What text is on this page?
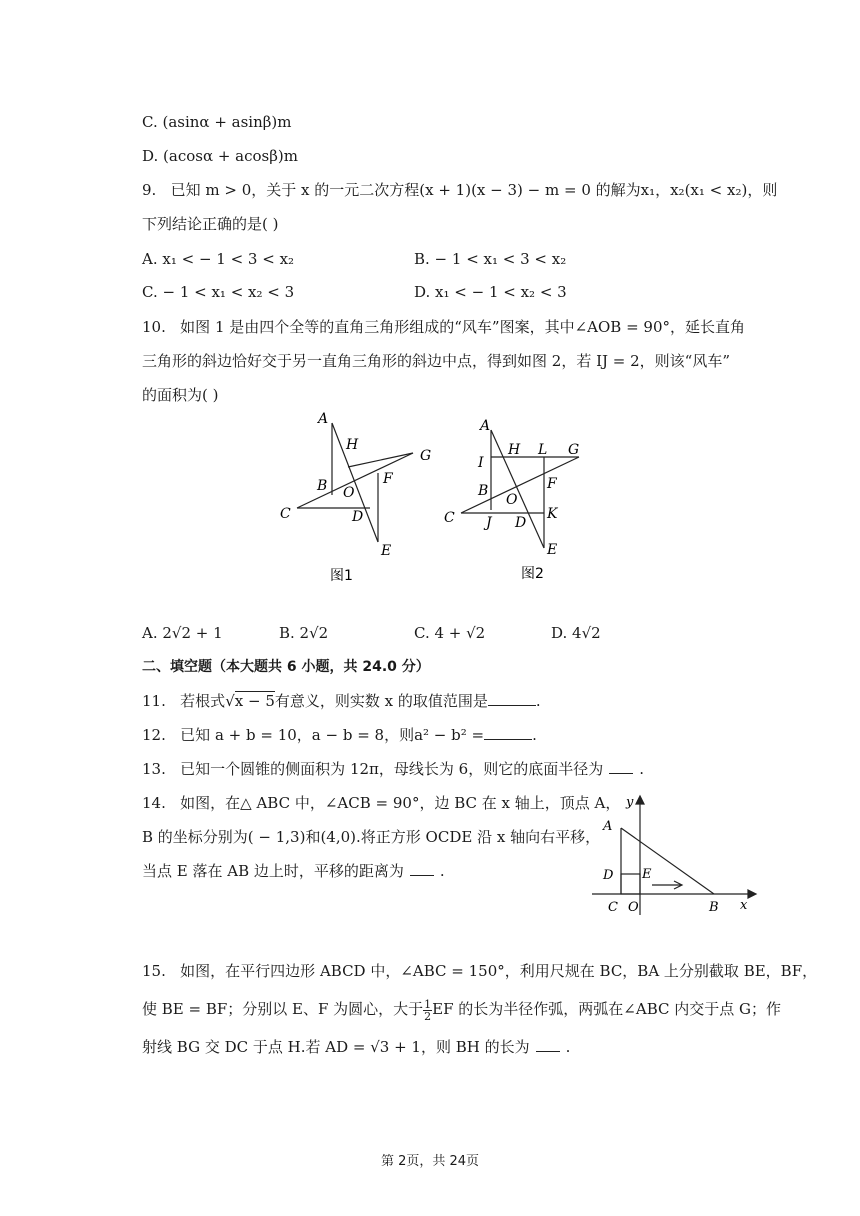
C. (asinα + asinβ)m
D. (acosα + acosβ)m
9. 已知 m > 0，关于 x 的一元二次方程(x + 1)(x − 3) − m = 0 的解为x₁，x₂(x₁ < x₂)，则
下列结论正确的是( )
A. x₁ < − 1 < 3 < x₂	B. − 1 < x₁ < 3 < x₂
C. − 1 < x₁ < x₂ < 3	D. x₁ < − 1 < x₂ < 3
10. 如图 1 是由四个全等的直角三角形组成的“风车”图案，其中∠AOB = 90°，延长直角
三角形的斜边恰好交于另一直角三角形的斜边中点，得到如图 2，若 IJ = 2，则该“风车”
的面积为( )
A
H
G
B O
F
C	D
E
图1
A
H L G
I
B
O
F
C J D
K
E
图2
A. 2√2 + 1	B. 2√2	C. 4 + √2	D. 4√2
二、填空题（本大题共 6 小题，共 24.0 分）
11. 若根式√x − 5有意义，则实数 x 的取值范围是	.
12. 已知 a + b = 10，a − b = 8，则a² − b² =	.
13. 已知一个圆锥的侧面积为 12π，母线长为 6，则它的底面半径为 .
14. 如图，在△ ABC 中，∠ACB = 90°，边 BC 在 x 轴上，顶点 A，
B 的坐标分别为( − 1,3)和(4,0).将正方形 OCDE 沿 x 轴向右平移，
当点 E 落在 AB 边上时，平移的距离为 .
y
A
D E
C O	B x
15. 如图，在平行四边形 ABCD 中，∠ABC = 150°，利用尺规在 BC，BA 上分别截取 BE，BF，
使 BE = BF；分别以 E、F 为圆心，大于 $\frac{1}{2}$ EF 的长为半径作弧，两弧在∠ABC 内交于点 G；作
射线 BG 交 DC 于点 H.若 AD = √3 + 1，则 BH 的长为 .
第 2页，共 24页
